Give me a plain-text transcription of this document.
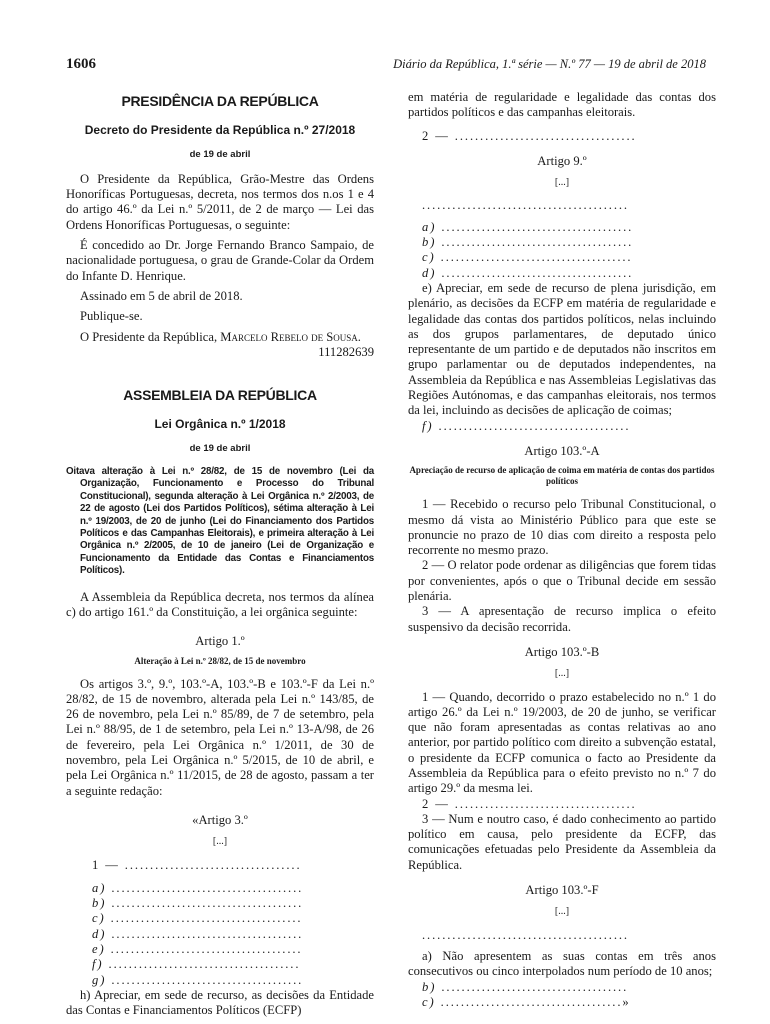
1606	Diário da República, 1.ª série — N.º 77 — 19 de abril de 2018
PRESIDÊNCIA DA REPÚBLICA
Decreto do Presidente da República n.º 27/2018
de 19 de abril

O Presidente da República, Grão-Mestre das Ordens Honoríficas Portuguesas, decreta, nos termos dos n.os 1 e 4 do artigo 46.º da Lei n.º 5/2011, de 2 de março — Lei das Ordens Honoríficas Portuguesas, o seguinte:

É concedido ao Dr. Jorge Fernando Branco Sampaio, de nacionalidade portuguesa, o grau de Grande-Colar da Ordem do Infante D. Henrique.

Assinado em 5 de abril de 2018.

Publique-se.

O Presidente da República, Marcelo Rebelo de Sousa.

111282639
ASSEMBLEIA DA REPÚBLICA
Lei Orgânica n.º 1/2018
de 19 de abril
Oitava alteração à Lei n.º 28/82, de 15 de novembro (Lei da Organização, Funcionamento e Processo do Tribunal Constitucional), segunda alteração à Lei Orgânica n.º 2/2003, de 22 de agosto (Lei dos Partidos Políticos), sétima alteração à Lei n.º 19/2003, de 20 de junho (Lei do Financiamento dos Partidos Políticos e das Campanhas Eleitorais), e primeira alteração à Lei Orgânica n.º 2/2005, de 10 de janeiro (Lei de Organização e Funcionamento da Entidade das Contas e Financiamentos Políticos).

A Assembleia da República decreta, nos termos da alínea c) do artigo 161.º da Constituição, a lei orgânica seguinte:

Artigo 1.º
Alteração à Lei n.º 28/82, de 15 de novembro

Os artigos 3.º, 9.º, 103.º-A, 103.º-B e 103.º-F da Lei n.º 28/82, de 15 de novembro, alterada pela Lei n.º 143/85, de 26 de novembro, pela Lei n.º 85/89, de 7 de setembro, pela Lei n.º 88/95, de 1 de setembro, pela Lei n.º 13-A/98, de 26 de fevereiro, pela Lei Orgânica n.º 1/2011, de 30 de novembro, pela Lei Orgânica n.º 5/2015, de 10 de abril, e pela Lei Orgânica n.º 11/2015, de 28 de agosto, passam a ter a seguinte redação:

«Artigo 3.º
[...]
1 — ...................................
a) ......................................
b) ......................................
c) ......................................
d) ......................................
e) ......................................
f) ......................................
g) ......................................

h) Apreciar, em sede de recurso, as decisões da Entidade das Contas e Financiamentos Políticos (ECFP)

em matéria de regularidade e legalidade das contas dos partidos políticos e das campanhas eleitorais.

2 — ....................................
Artigo 9.º
[...]
.........................................
a) ......................................
b) ......................................
c) ......................................
d) ......................................

e) Apreciar, em sede de recurso de plena jurisdição, em plenário, as decisões da ECFP em matéria de regularidade e legalidade das contas dos partidos políticos, nelas incluindo as dos grupos parlamentares, de deputado único representante de um partido e de deputados não inscritos em grupo parlamentar ou de deputados independentes, na Assembleia da República e nas Assembleias Legislativas das Regiões Autónomas, e das campanhas eleitorais, nos termos da lei, incluindo as decisões de aplicação de coimas;

f) ......................................
Artigo 103.º-A
Apreciação de recurso de aplicação de coima em matéria de contas dos partidos políticos

1 — Recebido o recurso pelo Tribunal Constitucional, o mesmo dá vista ao Ministério Público para que este se pronuncie no prazo de 10 dias com direito a resposta pelo recorrente no mesmo prazo.

2 — O relator pode ordenar as diligências que forem tidas por convenientes, após o que o Tribunal decide em sessão plenária.

3 — A apresentação de recurso implica o efeito suspensivo da decisão recorrida.

Artigo 103.º-B
[...]

1 — Quando, decorrido o prazo estabelecido no n.º 1 do artigo 26.º da Lei n.º 19/2003, de 20 de junho, se verificar que não foram apresentadas as contas relativas ao ano anterior, por partido político com direito a subvenção estatal, o presidente da ECFP comunica o facto ao Presidente da Assembleia da República para o efeito previsto no n.º 7 do artigo 29.º da mesma lei.

2 — ....................................

3 — Num e noutro caso, é dado conhecimento ao partido político em causa, pelo presidente da ECFP, das comunicações efetuadas pelo Presidente da Assembleia da República.

Artigo 103.º-F
[...]
.........................................

a) Não apresentem as suas contas em três anos consecutivos ou cinco interpolados num período de 10 anos;

b) .....................................
c) ....................................»
